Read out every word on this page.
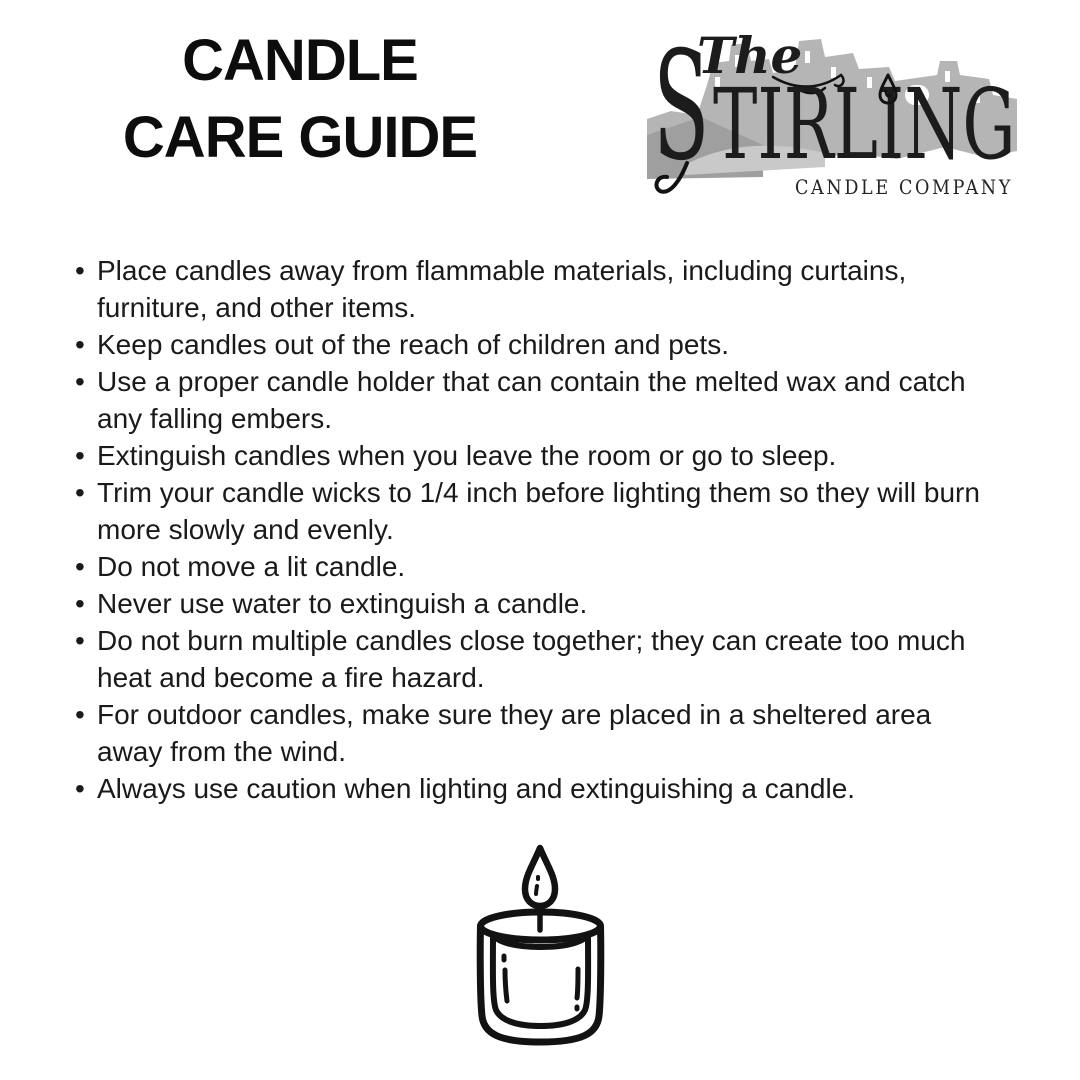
CANDLE
CARE GUIDE
The
S TIRLING
CANDLE COMPANY
• Place candles away from flammable materials, including curtains, furniture, and other items.
• Keep candles out of the reach of children and pets.
• Use a proper candle holder that can contain the melted wax and catch any falling embers.
• Extinguish candles when you leave the room or go to sleep.
• Trim your candle wicks to 1/4 inch before lighting them so they will burn more slowly and evenly.
• Do not move a lit candle.
• Never use water to extinguish a candle.
• Do not burn multiple candles close together; they can create too much heat and become a fire hazard.
• For outdoor candles, make sure they are placed in a sheltered area away from the wind.
• Always use caution when lighting and extinguishing a candle.
